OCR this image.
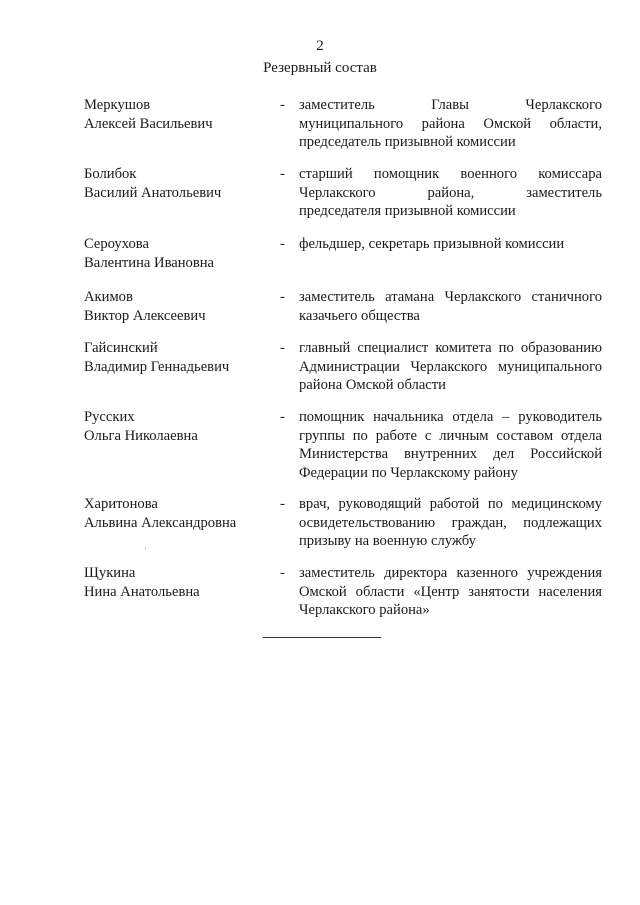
2
Резервный состав
Меркушов
Алексей Васильевич
- заместитель Главы Черлакского
муниципального района Омской области,
председатель призывной комиссии
Болибок
Василий Анатольевич
- старший помощник военного комиссара
Черлакского района, заместитель
председателя призывной комиссии
Сероухова
Валентина Ивановна
- фельдшер, секретарь призывной комиссии
Акимов
Виктор Алексеевич
- заместитель атамана Черлакского станичного
казачьего общества
Гайсинский
Владимир Геннадьевич
- главный специалист комитета по образованию
Администрации Черлакского муниципального
района Омской области
Русских
Ольга Николаевна
- помощник начальника отдела – руководитель
группы по работе с личным составом отдела
Министерства внутренних дел Российской
Федерации по Черлакскому району
Харитонова
Альвина Александровна
- врач, руководящий работой по медицинскому
освидетельствованию граждан, подлежащих
призыву на военную службу
Щукина
Нина Анатольевна
- заместитель директора казенного учреждения
Омской области «Центр занятости населения
Черлакского района»
